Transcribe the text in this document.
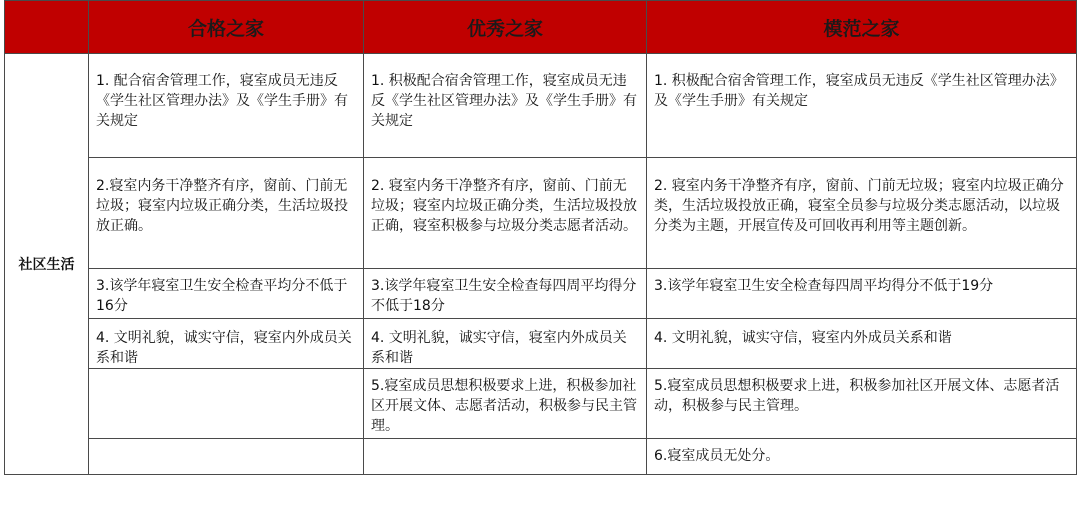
	合格之家	优秀之家	模范之家
社区生活	1. 配合宿舍管理工作，寝室成员无违反《学生社区管理办法》及《学生手册》有关规定	1. 积极配合宿舍管理工作，寝室成员无违反《学生社区管理办法》及《学生手册》有关规定	1. 积极配合宿舍管理工作，寝室成员无违反《学生社区管理办法》及《学生手册》有关规定
	2.寝室内务干净整齐有序，窗前、门前无垃圾；寝室内垃圾正确分类，生活垃圾投放正确。	2. 寝室内务干净整齐有序，窗前、门前无垃圾；寝室内垃圾正确分类，生活垃圾投放正确，寝室积极参与垃圾分类志愿者活动。	2. 寝室内务干净整齐有序，窗前、门前无垃圾；寝室内垃圾正确分类，生活垃圾投放正确，寝室全员参与垃圾分类志愿活动，以垃圾分类为主题，开展宣传及可回收再利用等主题创新。
	3.该学年寝室卫生安全检查平均分不低于16分	3.该学年寝室卫生安全检查每四周平均得分不低于18分	3.该学年寝室卫生安全检查每四周平均得分不低于19分
	4. 文明礼貌，诚实守信，寝室内外成员关系和谐	4. 文明礼貌，诚实守信，寝室内外成员关系和谐	4. 文明礼貌，诚实守信，寝室内外成员关系和谐
		5.寝室成员思想积极要求上进，积极参加社区开展文体、志愿者活动，积极参与民主管理。	5.寝室成员思想积极要求上进，积极参加社区开展文体、志愿者活动，积极参与民主管理。
			6.寝室成员无处分。
